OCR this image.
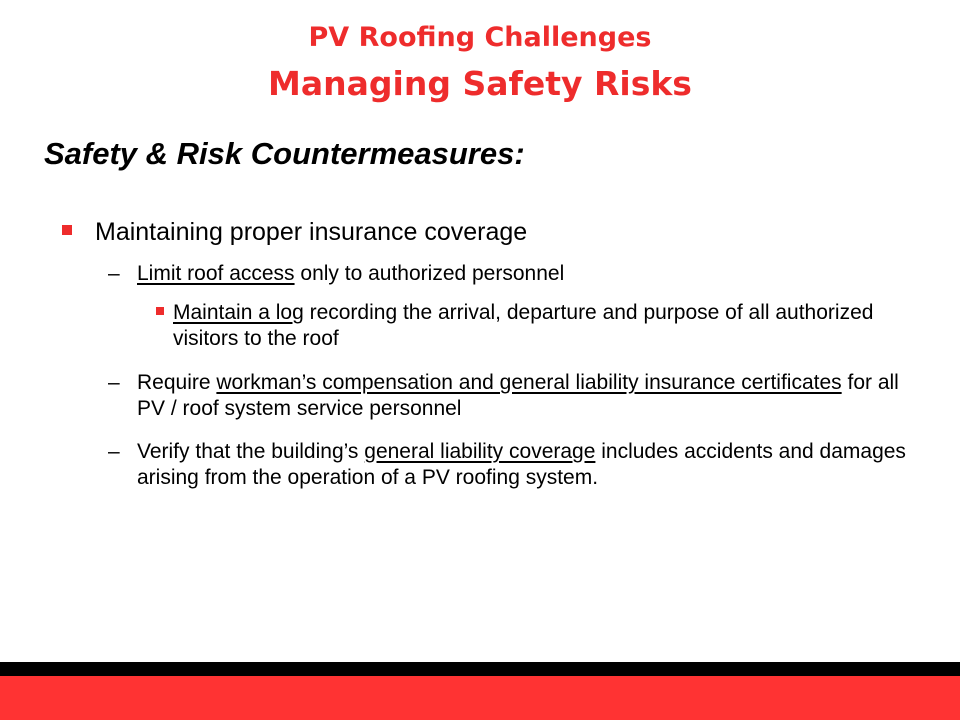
PV Roofing Challenges
Managing Safety Risks
Safety & Risk Countermeasures:
Maintaining proper insurance coverage
– Limit roof access only to authorized personnel
Maintain a log recording the arrival, departure and purpose of all authorized visitors to the roof
– Require workman’s compensation and general liability insurance certificates for all PV / roof system service personnel
– Verify that the building’s general liability coverage includes accidents and damages arising from the operation of a PV roofing system.
